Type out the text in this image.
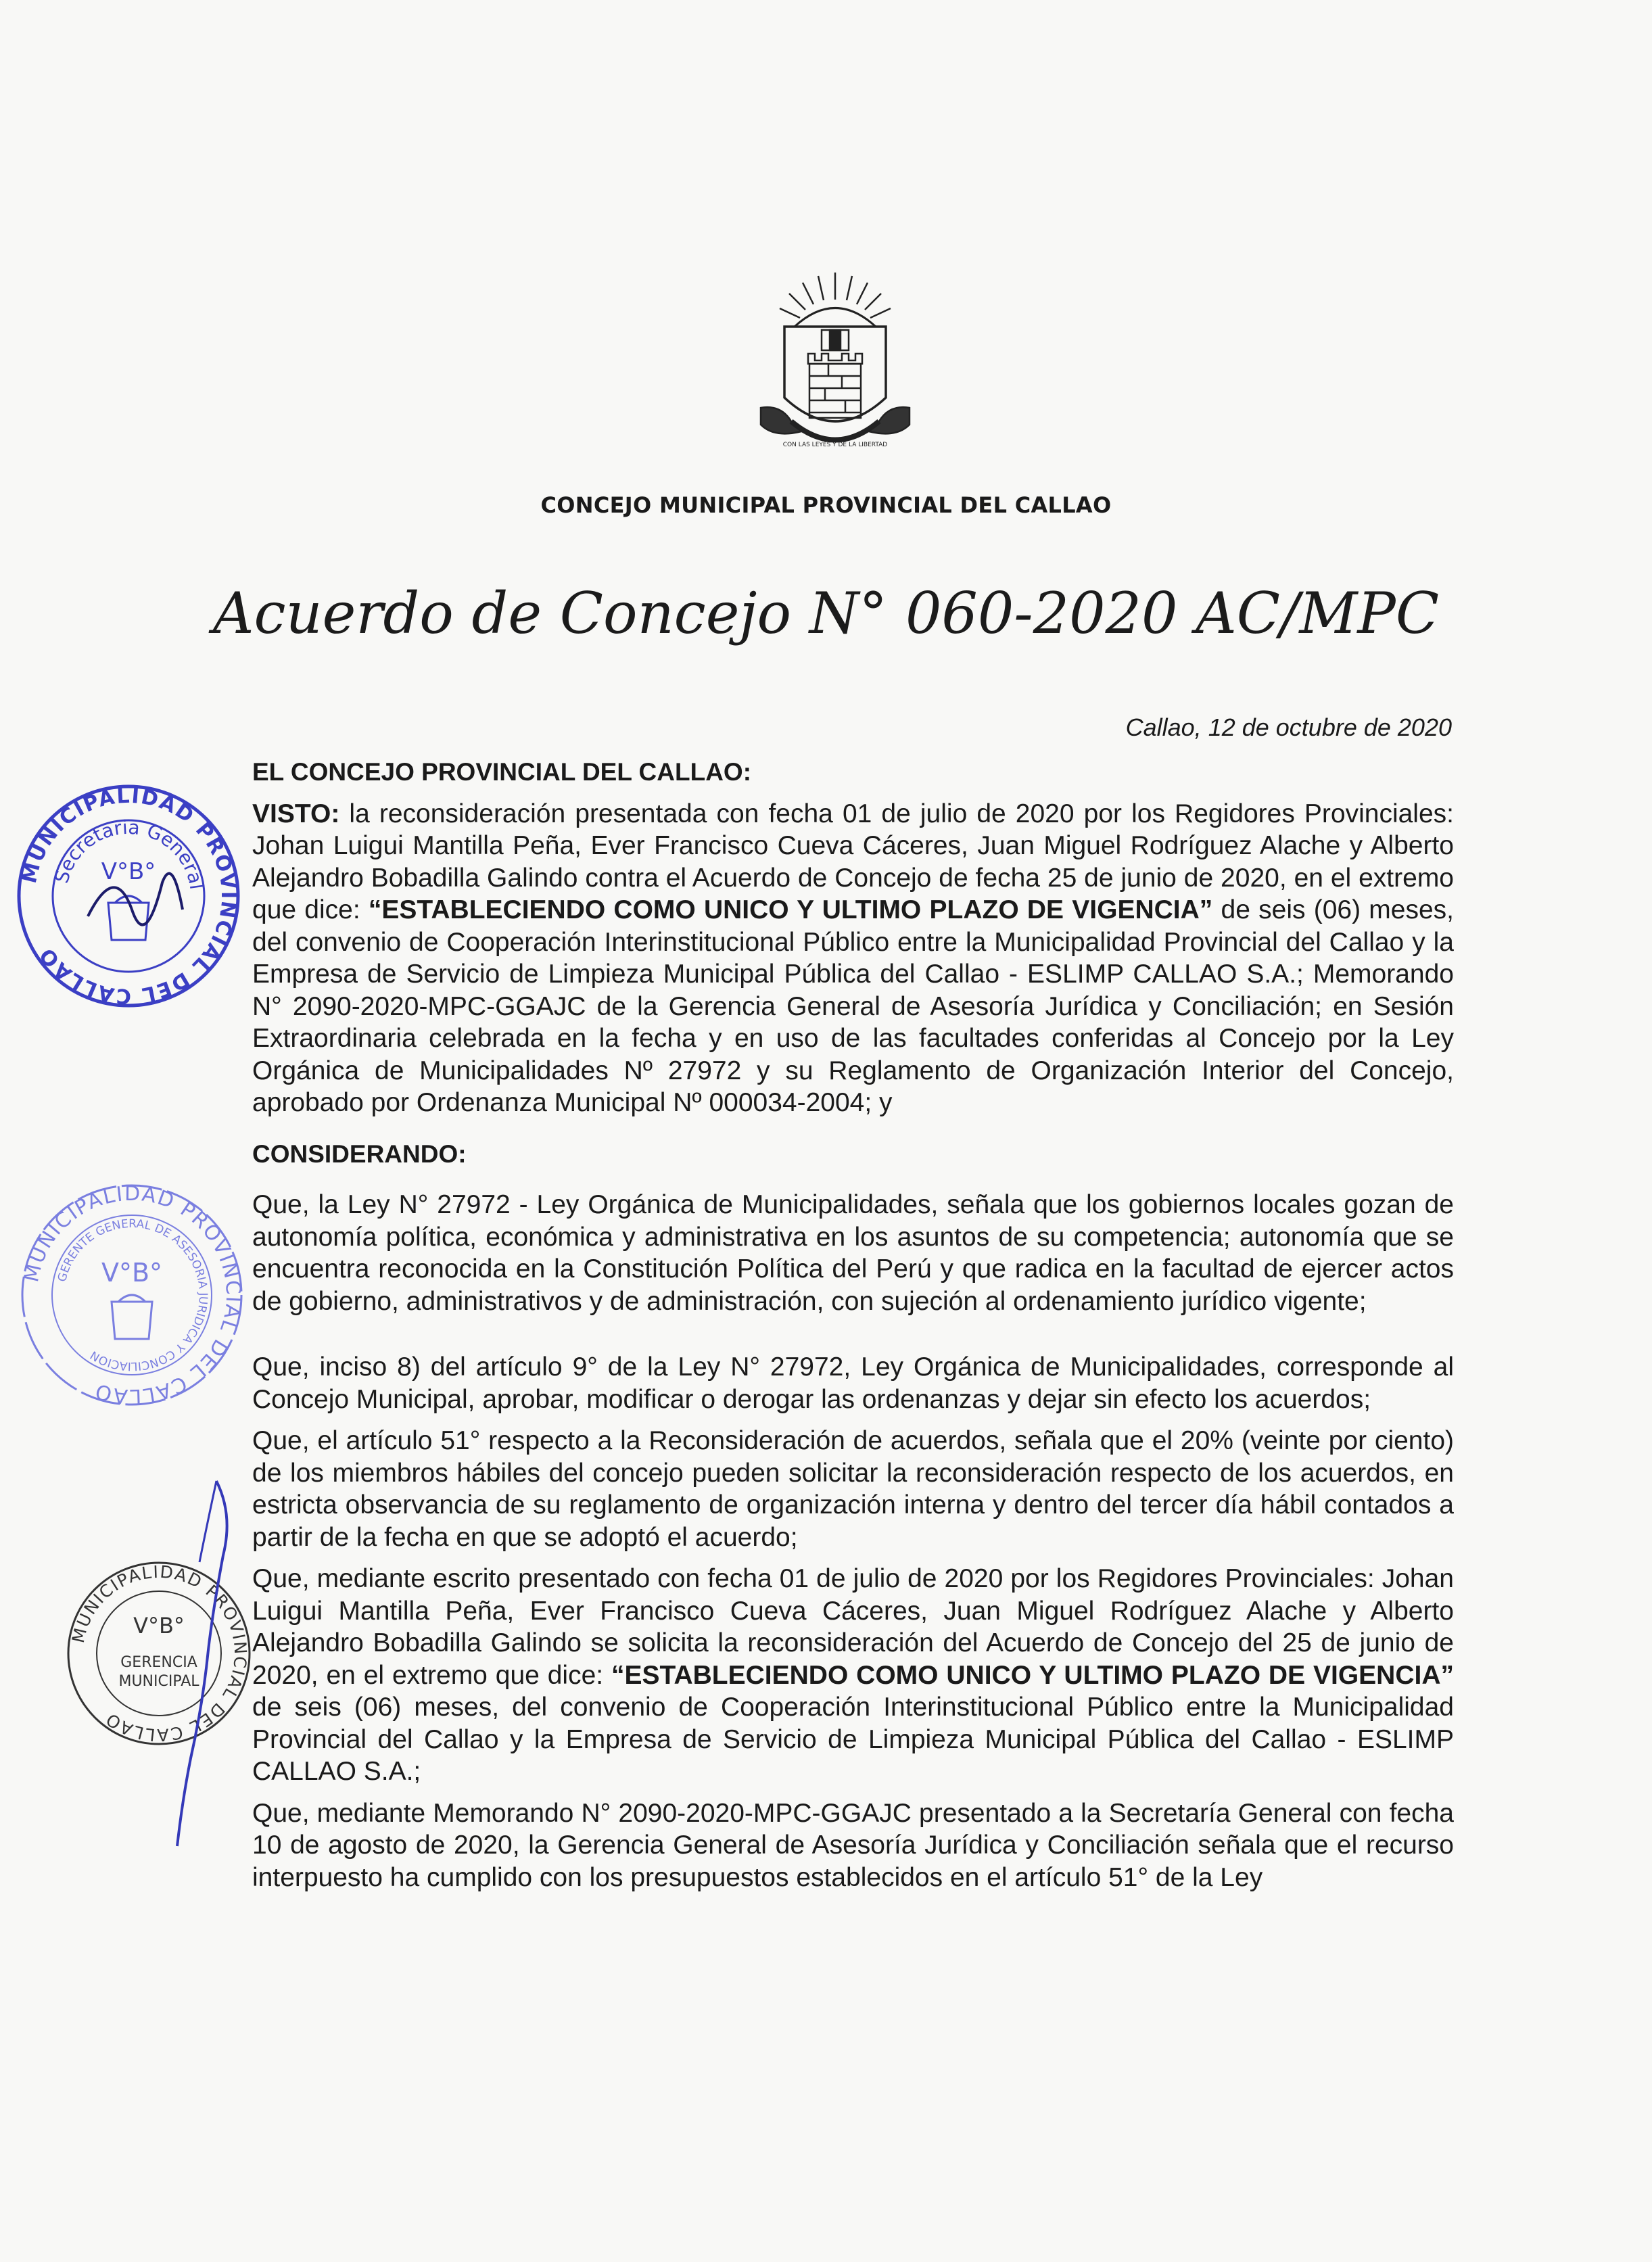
CON LAS LEYES Y DE LA LIBERTAD
CONCEJO MUNICIPAL PROVINCIAL DEL CALLAO
Acuerdo de Concejo N° 060-2020 AC/MPC
Callao, 12 de octubre de 2020

EL CONCEJO PROVINCIAL DEL CALLAO:

VISTO: la reconsideración presentada con fecha 01 de julio de 2020 por los Regidores Provinciales: Johan Luigui Mantilla Peña, Ever Francisco Cueva Cáceres, Juan Miguel Rodríguez Alache y Alberto Alejandro Bobadilla Galindo contra el Acuerdo de Concejo de fecha 25 de junio de 2020, en el extremo que dice: “ESTABLECIENDO COMO UNICO Y ULTIMO PLAZO DE VIGENCIA” de seis (06) meses, del convenio de Cooperación Interinstitucional Público entre la Municipalidad Provincial del Callao y la Empresa de Servicio de Limpieza Municipal Pública del Callao - ESLIMP CALLAO S.A.; Memorando N° 2090-2020-MPC-GGAJC de la Gerencia General de Asesoría Jurídica y Conciliación; en Sesión Extraordinaria celebrada en la fecha y en uso de las facultades conferidas al Concejo por la Ley Orgánica de Municipalidades Nº 27972 y su Reglamento de Organización Interior del Concejo, aprobado por Ordenanza Municipal Nº 000034-2004; y

CONSIDERANDO:

Que, la Ley N° 27972 - Ley Orgánica de Municipalidades, señala que los gobiernos locales gozan de autonomía política, económica y administrativa en los asuntos de su competencia; autonomía que se encuentra reconocida en la Constitución Política del Perú y que radica en la facultad de ejercer actos de gobierno, administrativos y de administración, con sujeción al ordenamiento jurídico vigente;

Que, inciso 8) del artículo 9° de la Ley N° 27972, Ley Orgánica de Municipalidades, corresponde al Concejo Municipal, aprobar, modificar o derogar las ordenanzas y dejar sin efecto los acuerdos;

Que, el artículo 51° respecto a la Reconsideración de acuerdos, señala que el 20% (veinte por ciento) de los miembros hábiles del concejo pueden solicitar la reconsideración respecto de los acuerdos, en estricta observancia de su reglamento de organización interna y dentro del tercer día hábil contados a partir de la fecha en que se adoptó el acuerdo;

Que, mediante escrito presentado con fecha 01 de julio de 2020 por los Regidores Provinciales: Johan Luigui Mantilla Peña, Ever Francisco Cueva Cáceres, Juan Miguel Rodríguez Alache y Alberto Alejandro Bobadilla Galindo se solicita la reconsideración del Acuerdo de Concejo del 25 de junio de 2020, en el extremo que dice: “ESTABLECIENDO COMO UNICO Y ULTIMO PLAZO DE VIGENCIA” de seis (06) meses, del convenio de Cooperación Interinstitucional Público entre la Municipalidad Provincial del Callao y la Empresa de Servicio de Limpieza Municipal Pública del Callao - ESLIMP CALLAO S.A.;

Que, mediante Memorando N° 2090-2020-MPC-GGAJC presentado a la Secretaría General con fecha 10 de agosto de 2020, la Gerencia General de Asesoría Jurídica y Conciliación señala que el recurso interpuesto ha cumplido con los presupuestos establecidos en el artículo 51° de la Ley

MUNICIPALIDAD PROVINCIAL DEL CALLAO
Secretaria General
V°B°
MUNICIPALIDAD PROVINCIAL DEL CALLAO
GERENTE GENERAL DE ASESORIA JURIDICA Y CONCILIACION
V°B°
MUNICIPALIDAD PROVINCIAL DEL CALLAO
V°B°
GERENCIA
MUNICIPAL
